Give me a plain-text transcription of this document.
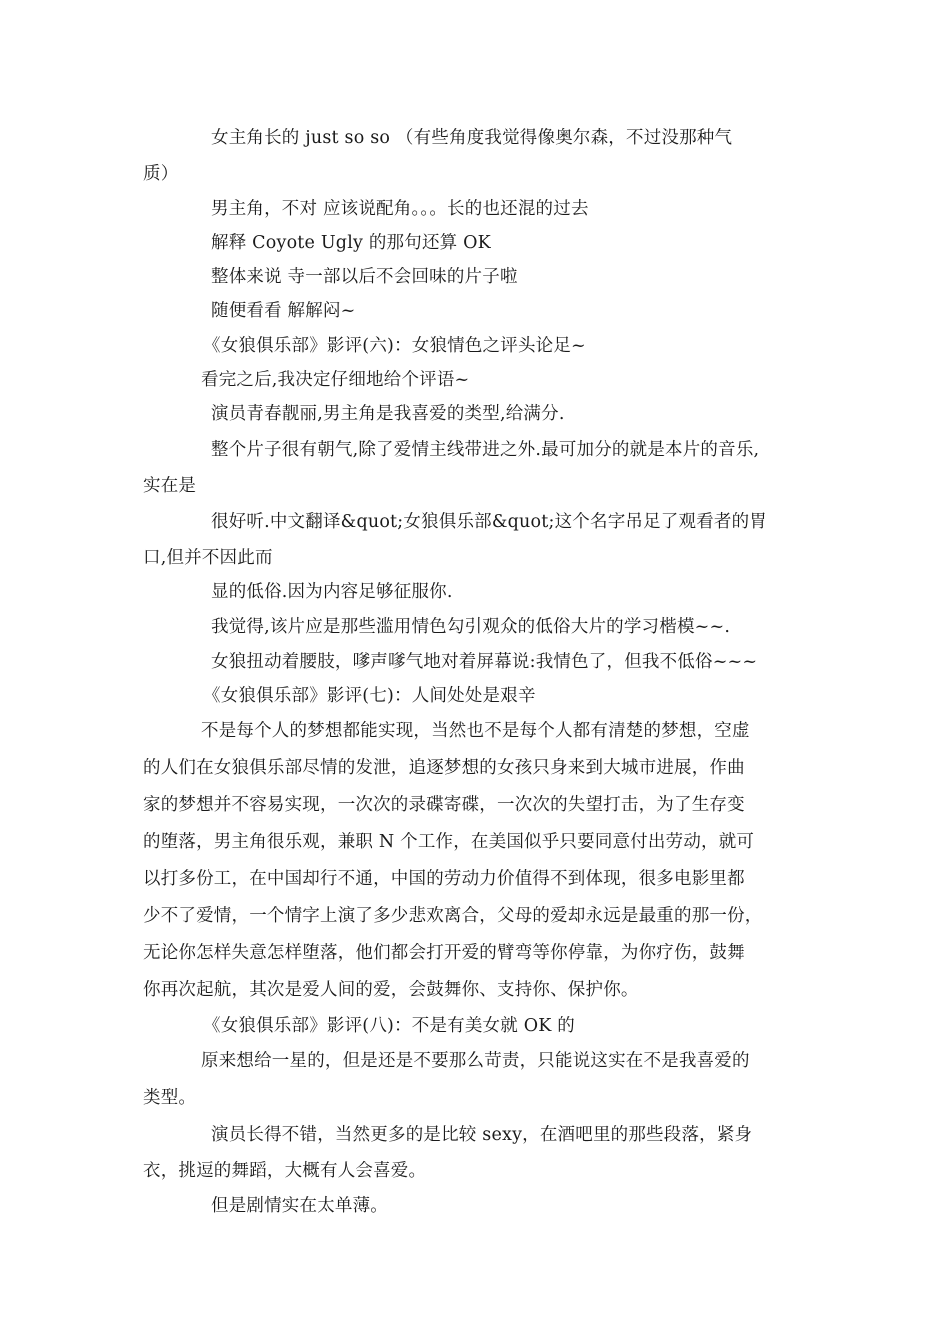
女主角长的 just so so （有些角度我觉得像奥尔森，不过没那种气
质）
男主角，不对 应该说配角。。。长的也还混的过去
解释 Coyote Ugly 的那句还算 OK
整体来说 寺一部以后不会回味的片子啦
随便看看 解解闷~
《女狼俱乐部》影评(六)：女狼情色之评头论足~
看完之后,我决定仔细地给个评语~
演员青春靓丽,男主角是我喜爱的类型,给满分.
整个片子很有朝气,除了爱情主线带进之外.最可加分的就是本片的音乐,
实在是
很好听.中文翻译&quot;女狼俱乐部&quot;这个名字吊足了观看者的胃
口,但并不因此而
显的低俗.因为内容足够征服你.
我觉得,该片应是那些滥用情色勾引观众的低俗大片的学习楷模~~.
女狼扭动着腰肢，嗲声嗲气地对着屏幕说:我情色了，但我不低俗~~~
《女狼俱乐部》影评(七)：人间处处是艰辛
不是每个人的梦想都能实现，当然也不是每个人都有清楚的梦想，空虚
的人们在女狼俱乐部尽情的发泄，追逐梦想的女孩只身来到大城市进展，作曲
家的梦想并不容易实现，一次次的录碟寄碟，一次次的失望打击，为了生存变
的堕落，男主角很乐观，兼职 N 个工作，在美国似乎只要同意付出劳动，就可
以打多份工，在中国却行不通，中国的劳动力价值得不到体现，很多电影里都
少不了爱情，一个情字上演了多少悲欢离合，父母的爱却永远是最重的那一份，
无论你怎样失意怎样堕落，他们都会打开爱的臂弯等你停靠，为你疗伤，鼓舞
你再次起航，其次是爱人间的爱，会鼓舞你、支持你、保护你。
《女狼俱乐部》影评(八)：不是有美女就 OK 的
原来想给一星的，但是还是不要那么苛责，只能说这实在不是我喜爱的
类型。
演员长得不错，当然更多的是比较 sexy，在酒吧里的那些段落，紧身
衣，挑逗的舞蹈，大概有人会喜爱。
但是剧情实在太单薄。
